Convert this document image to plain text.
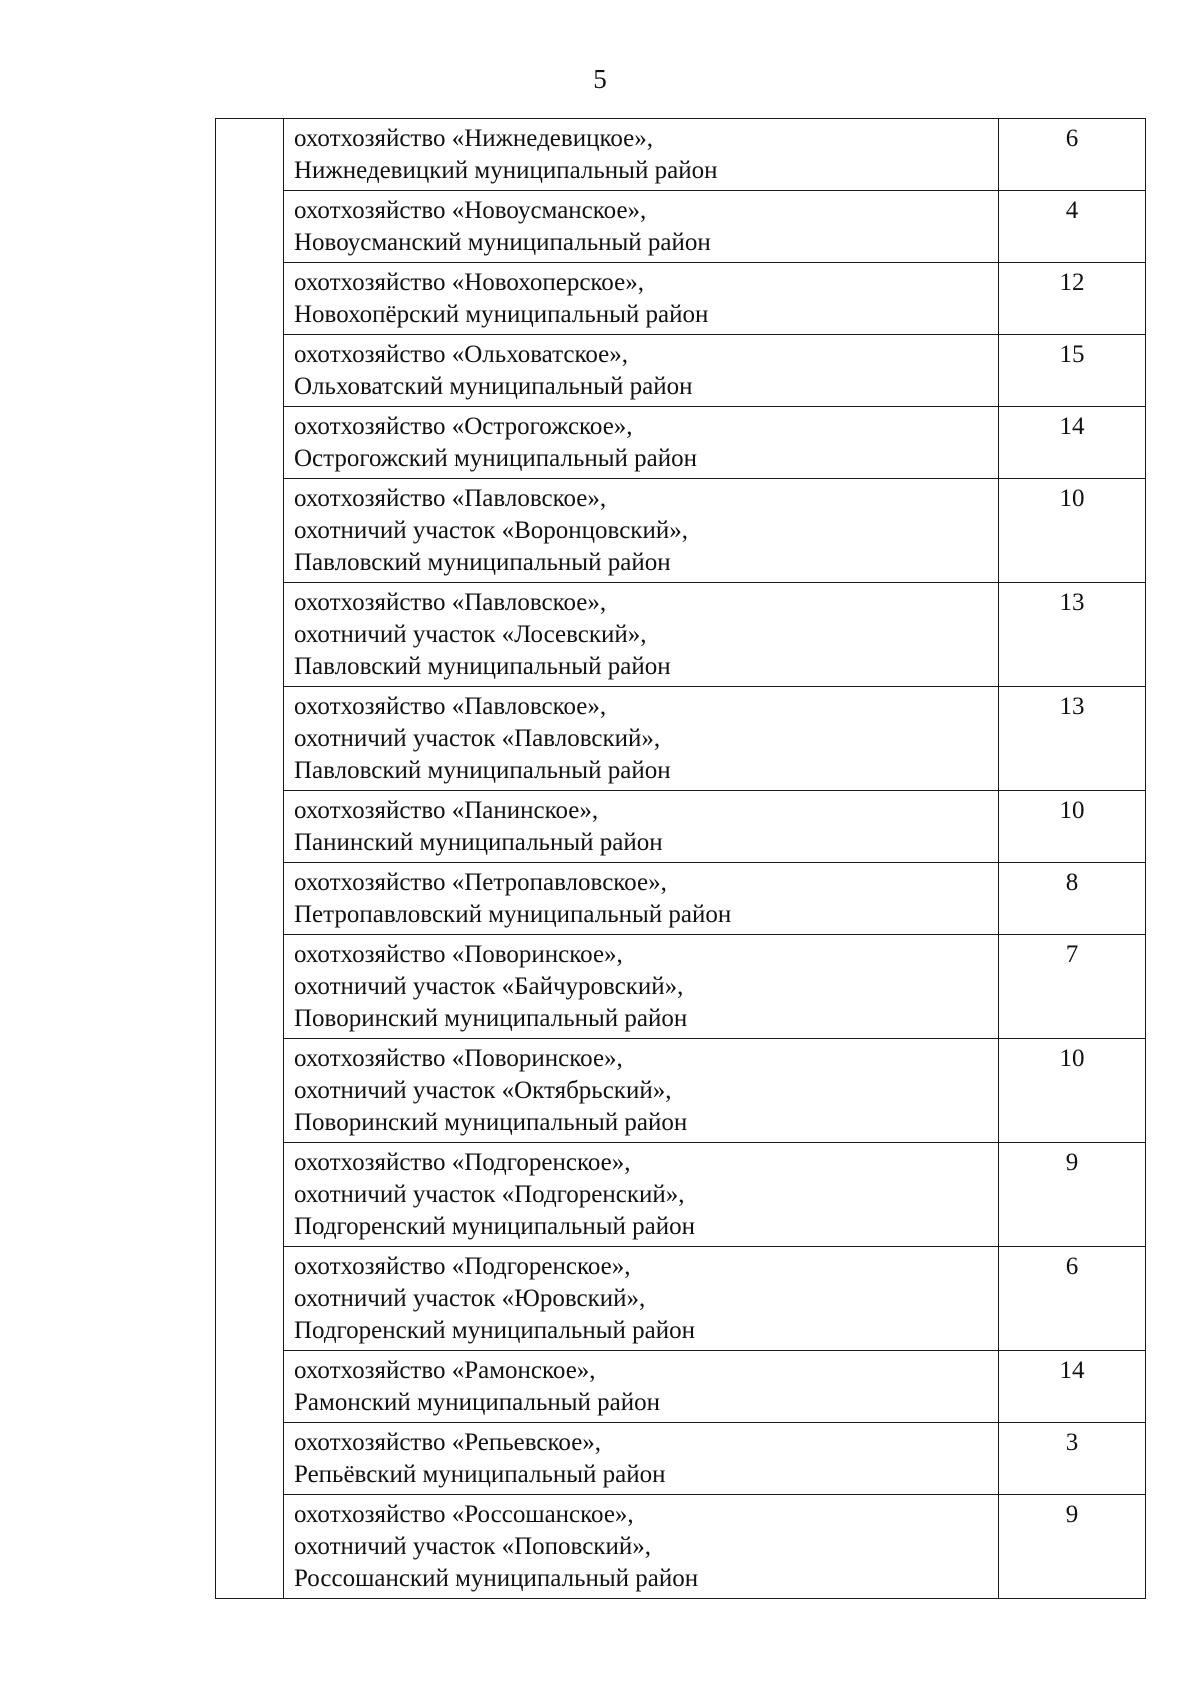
5

	охотхозяйство «Нижнедевицкое»,
Нижнедевицкий муниципальный район	6

	охотхозяйство «Новоусманское»,
Новоусманский муниципальный район	4

	охотхозяйство «Новохоперское»,
Новохопёрский муниципальный район	12

	охотхозяйство «Ольховатское»,
Ольховатский муниципальный район	15

	охотхозяйство «Острогожское»,
Острогожский муниципальный район	14

	охотхозяйство «Павловское»,
охотничий участок «Воронцовский»,
Павловский муниципальный район	10

	охотхозяйство «Павловское»,
охотничий участок «Лосевский»,
Павловский муниципальный район	13

	охотхозяйство «Павловское»,
охотничий участок «Павловский»,
Павловский муниципальный район	13

	охотхозяйство «Панинское»,
Панинский муниципальный район	10

	охотхозяйство «Петропавловское»,
Петропавловский муниципальный район	8

	охотхозяйство «Поворинское»,
охотничий участок «Байчуровский»,
Поворинский муниципальный район	7

	охотхозяйство «Поворинское»,
охотничий участок «Октябрьский»,
Поворинский муниципальный район	10

	охотхозяйство «Подгоренское»,
охотничий участок «Подгоренский»,
Подгоренский муниципальный район	9

	охотхозяйство «Подгоренское»,
охотничий участок «Юровский»,
Подгоренский муниципальный район	6

	охотхозяйство «Рамонское»,
Рамонский муниципальный район	14

	охотхозяйство «Репьевское»,
Репьёвский муниципальный район	3

	охотхозяйство «Россошанское»,
охотничий участок «Поповский»,
Россошанский муниципальный район	9
